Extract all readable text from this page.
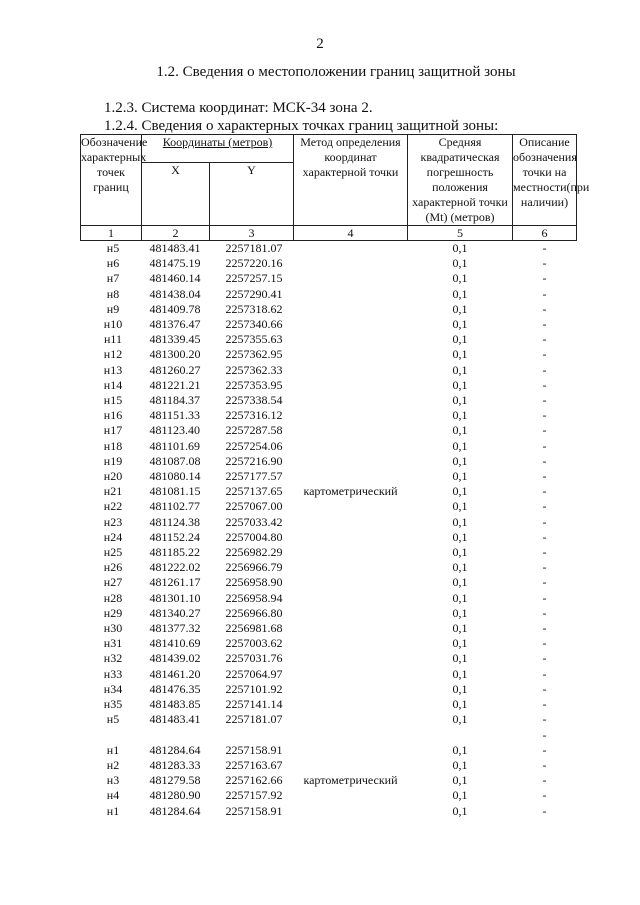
2
1.2. Сведения о местоположении границ защитной зоны
1.2.3. Система координат: МСК-34 зона 2.
1.2.4. Сведения о характерных точках границ защитной зоны:
Обозначение характерных точек границ	Координаты (метров)		Метод определения координат характерной точки	Средняя квадратическая погрешность положения характерной точки (Mt) (метров)	Описание обозначения точки на местности(при наличии)
	X	Y			
1	2	3	4	5	6
н5	481483.41	2257181.07		0,1	-
н6	481475.19	2257220.16		0,1	-
н7	481460.14	2257257.15		0,1	-
н8	481438.04	2257290.41		0,1	-
н9	481409.78	2257318.62		0,1	-
н10	481376.47	2257340.66		0,1	-
н11	481339.45	2257355.63		0,1	-
н12	481300.20	2257362.95		0,1	-
н13	481260.27	2257362.33		0,1	-
н14	481221.21	2257353.95		0,1	-
н15	481184.37	2257338.54		0,1	-
н16	481151.33	2257316.12		0,1	-
н17	481123.40	2257287.58		0,1	-
н18	481101.69	2257254.06		0,1	-
н19	481087.08	2257216.90		0,1	-
н20	481080.14	2257177.57		0,1	-
н21	481081.15	2257137.65	картометрический	0,1	-
н22	481102.77	2257067.00		0,1	-
н23	481124.38	2257033.42		0,1	-
н24	481152.24	2257004.80		0,1	-
н25	481185.22	2256982.29		0,1	-
н26	481222.02	2256966.79		0,1	-
н27	481261.17	2256958.90		0,1	-
н28	481301.10	2256958.94		0,1	-
н29	481340.27	2256966.80		0,1	-
н30	481377.32	2256981.68		0,1	-
н31	481410.69	2257003.62		0,1	-
н32	481439.02	2257031.76		0,1	-
н33	481461.20	2257064.97		0,1	-
н34	481476.35	2257101.92		0,1	-
н35	481483.85	2257141.14		0,1	-
н5	481483.41	2257181.07		0,1	-
					-
н1	481284.64	2257158.91		0,1	-
н2	481283.33	2257163.67		0,1	-
н3	481279.58	2257162.66	картометрический	0,1	-
н4	481280.90	2257157.92		0,1	-
н1	481284.64	2257158.91		0,1	-
